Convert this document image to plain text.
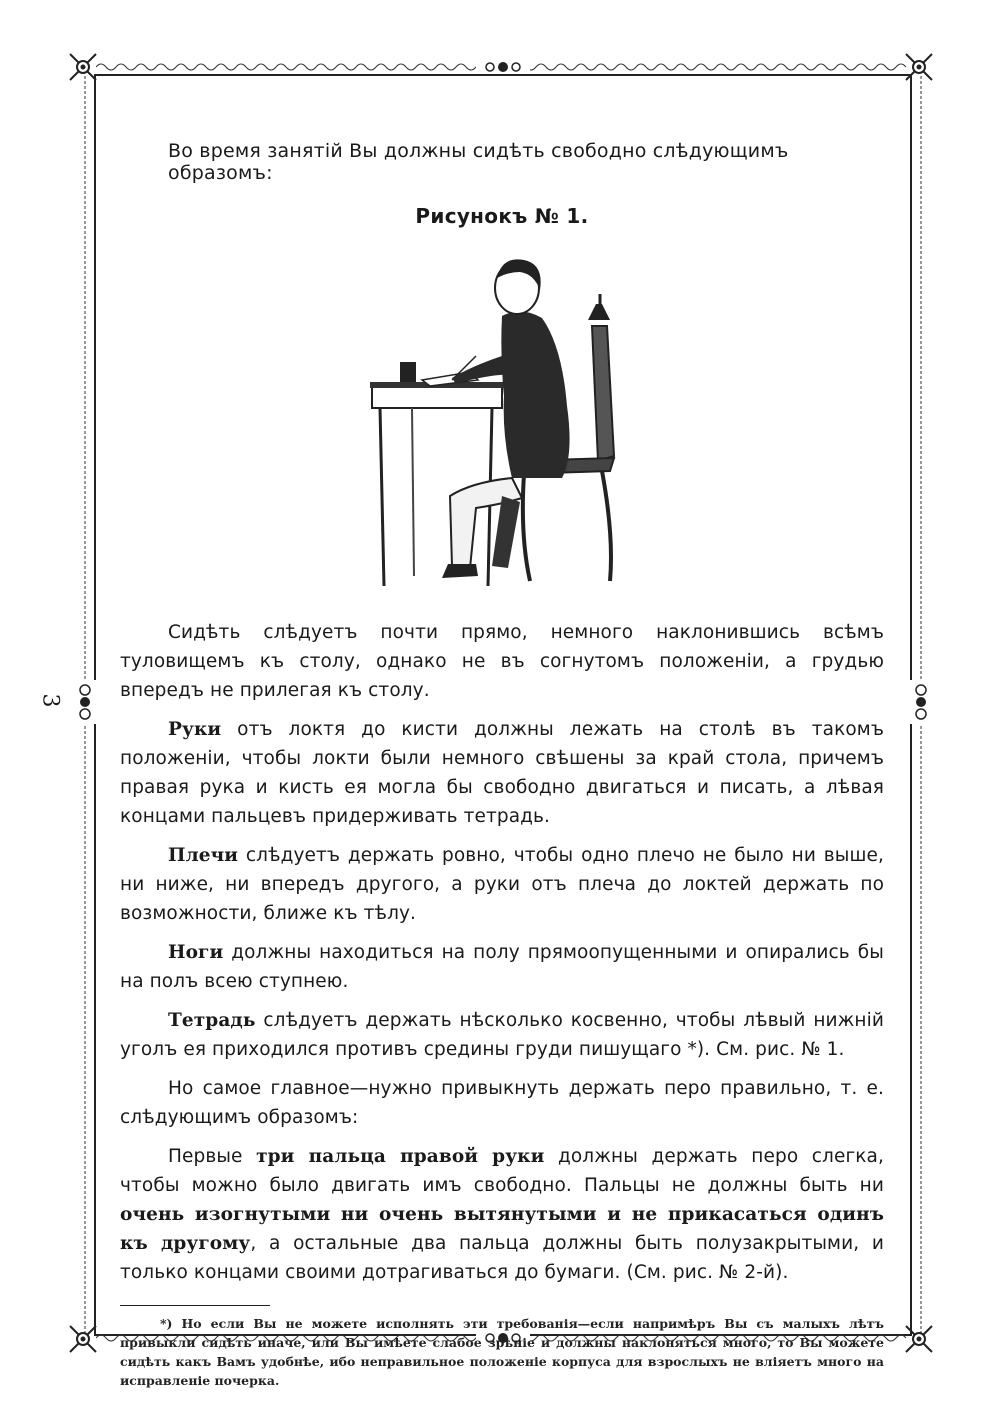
3

Во время занятій Вы должны сидѣть свободно слѣдующимъ образомъ:

Рисунокъ № 1.

Сидѣть слѣдуетъ почти прямо, немного наклонившись всѣмъ туловищемъ къ столу, однако не въ согнутомъ положеніи, а грудью впередъ не прилегая къ столу.

Руки отъ локтя до кисти должны лежать на столѣ въ такомъ положеніи, чтобы локти были немного свѣшены за край стола, причемъ правая рука и кисть ея могла бы свободно двигаться и писать, а лѣвая концами пальцевъ придерживать тетрадь.

Плечи слѣдуетъ держать ровно, чтобы одно плечо не было ни выше, ни ниже, ни впередъ другого, а руки отъ плеча до локтей держать по возможности, ближе къ тѣлу.

Ноги должны находиться на полу прямоопущенными и опирались бы на полъ всею ступнею.

Тетрадь слѣдуетъ держать нѣсколько косвенно, чтобы лѣвый нижній уголъ ея приходился противъ средины груди пишущаго *). См. рис. № 1.

Но самое главное—нужно привыкнуть держать перо правильно, т. е. слѣдующимъ образомъ:

Первые три пальца правой руки должны держать перо слегка, чтобы можно было двигать имъ свободно. Пальцы не должны быть ни очень изогнутыми ни очень вытянутыми и не прикасаться одинъ къ другому, а остальные два пальца должны быть полузакрытыми, и только концами своими дотрагиваться до бумаги. (См. рис. № 2-й).

*) Но если Вы не можете исполнять эти требованія—если напримѣръ Вы съ малыхъ лѣтъ привыкли сидѣть иначе, или Вы имѣете слабое зрѣніе и должны наклоняться много, то Вы можете сидѣть какъ Вамъ удобнѣе, ибо неправильное положеніе корпуса для взрослыхъ не вліяетъ много на исправленіе почерка.
